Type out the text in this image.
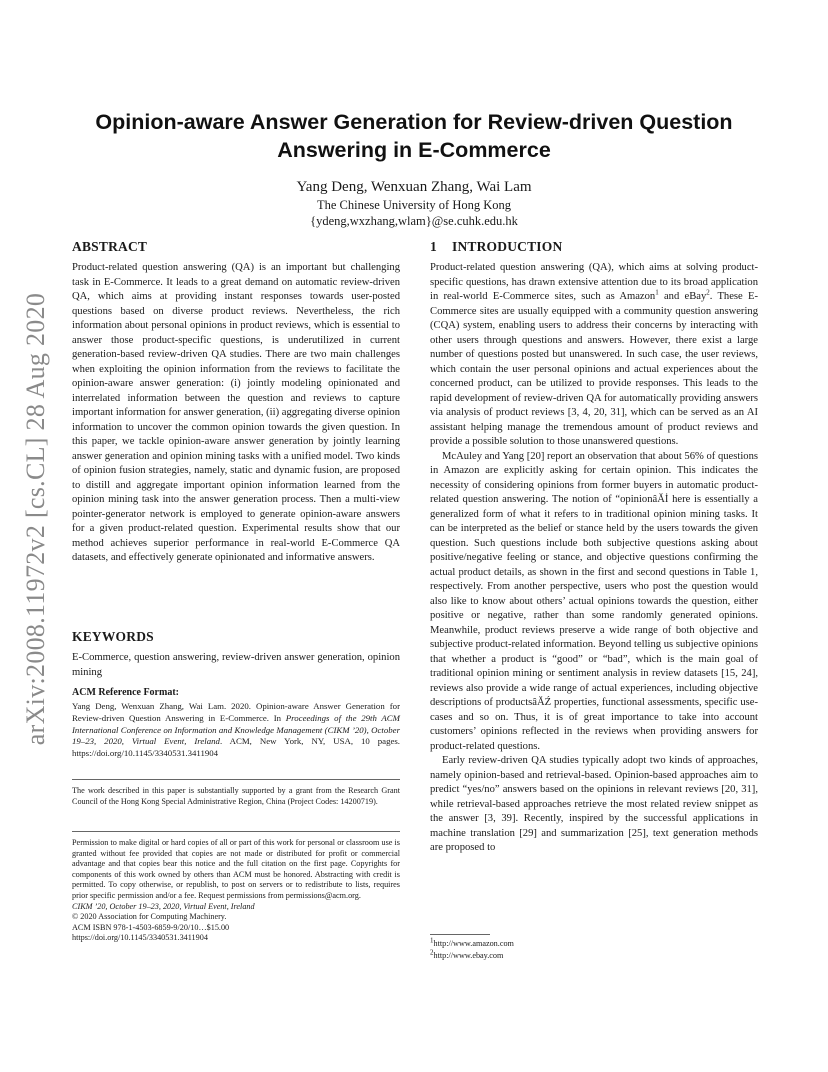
arXiv:2008.11972v2 [cs.CL] 28 Aug 2020
Opinion-aware Answer Generation for Review-driven Question Answering in E-Commerce
Yang Deng, Wenxuan Zhang, Wai Lam
The Chinese University of Hong Kong
{ydeng,wxzhang,wlam}@se.cuhk.edu.hk
ABSTRACT

Product-related question answering (QA) is an important but challenging task in E-Commerce. It leads to a great demand on automatic review-driven QA, which aims at providing instant responses towards user-posted questions based on diverse product reviews. Nevertheless, the rich information about personal opinions in product reviews, which is essential to answer those product-specific questions, is underutilized in current generation-based review-driven QA studies. There are two main challenges when exploiting the opinion information from the reviews to facilitate the opinion-aware answer generation: (i) jointly modeling opinionated and interrelated information between the question and reviews to capture important information for answer generation, (ii) aggregating diverse opinion information to uncover the common opinion towards the given question. In this paper, we tackle opinion-aware answer generation by jointly learning answer generation and opinion mining tasks with a unified model. Two kinds of opinion fusion strategies, namely, static and dynamic fusion, are proposed to distill and aggregate important opinion information learned from the opinion mining task into the answer generation process. Then a multi-view pointer-generator network is employed to generate opinion-aware answers for a given product-related question. Experimental results show that our method achieves superior performance in real-world E-Commerce QA datasets, and effectively generate opinionated and informative answers.

KEYWORDS

E-Commerce, question answering, review-driven answer generation, opinion mining

ACM Reference Format:

Yang Deng, Wenxuan Zhang, Wai Lam. 2020. Opinion-aware Answer Generation for Review-driven Question Answering in E-Commerce. In Proceedings of the 29th ACM International Conference on Information and Knowledge Management (CIKM ’20), October 19–23, 2020, Virtual Event, Ireland. ACM, New York, NY, USA, 10 pages. https://doi.org/10.1145/3340531.3411904

The work described in this paper is substantially supported by a grant from the Research Grant Council of the Hong Kong Special Administrative Region, China (Project Codes: 14200719).

Permission to make digital or hard copies of all or part of this work for personal or classroom use is granted without fee provided that copies are not made or distributed for profit or commercial advantage and that copies bear this notice and the full citation on the first page. Copyrights for components of this work owned by others than ACM must be honored. Abstracting with credit is permitted. To copy otherwise, or republish, to post on servers or to redistribute to lists, requires prior specific permission and/or a fee. Request permissions from permissions@acm.org.

CIKM ’20, October 19–23, 2020, Virtual Event, Ireland

© 2020 Association for Computing Machinery.

ACM ISBN 978-1-4503-6859-9/20/10…$15.00

https://doi.org/10.1145/3340531.3411904

1 INTRODUCTION

Product-related question answering (QA), which aims at solving product-specific questions, has drawn extensive attention due to its broad application in real-world E-Commerce sites, such as Amazon$^1$ and eBay$^2$. These E-Commerce sites are usually equipped with a community question answering (CQA) system, enabling users to address their concerns by interacting with other users through questions and answers. However, there exist a large number of questions posted but unanswered. In such case, the user reviews, which contain the user personal opinions and actual experiences about the concerned product, can be utilized to provide responses. This leads to the rapid development of review-driven QA for automatically providing answers via analysis of product reviews [3, 4, 20, 31], which can be served as an AI assistant helping manage the tremendous amount of product reviews and provide a possible solution to those unanswered questions.

McAuley and Yang [20] report an observation that about 56% of questions in Amazon are explicitly asking for certain opinion. This indicates the necessity of considering opinions from former buyers in automatic product-related question answering. The notion of “opinionâĂİ here is essentially a generalized form of what it refers to in traditional opinion mining tasks. It can be interpreted as the belief or stance held by the users towards the given question. Such questions include both subjective questions asking about positive/negative feeling or stance, and objective questions confirming the actual product details, as shown in the first and second questions in Table 1, respectively. From another perspective, users who post the question would also like to know about others’ actual opinions towards the question, either positive or negative, rather than some randomly generated opinions. Meanwhile, product reviews preserve a wide range of both objective and subjective product-related information. Beyond telling us subjective opinions that whether a product is “good” or “bad”, which is the main goal of traditional opinion mining or sentiment analysis in review datasets [15, 24], reviews also provide a wide range of actual experiences, including objective descriptions of productsâĂŹ properties, functional assessments, specific use-cases and so on. Thus, it is of great importance to take into account customers’ opinions reflected in the reviews when providing answers for product-related questions.

Early review-driven QA studies typically adopt two kinds of approaches, namely opinion-based and retrieval-based. Opinion-based approaches aim to predict “yes/no” answers based on the opinions in relevant reviews [20, 31], while retrieval-based approaches retrieve the most related review snippet as the answer [3, 39]. Recently, inspired by the successful applications in machine translation [29] and summarization [25], text generation methods are proposed to

$^1$http://www.amazon.com
$^2$http://www.ebay.com
